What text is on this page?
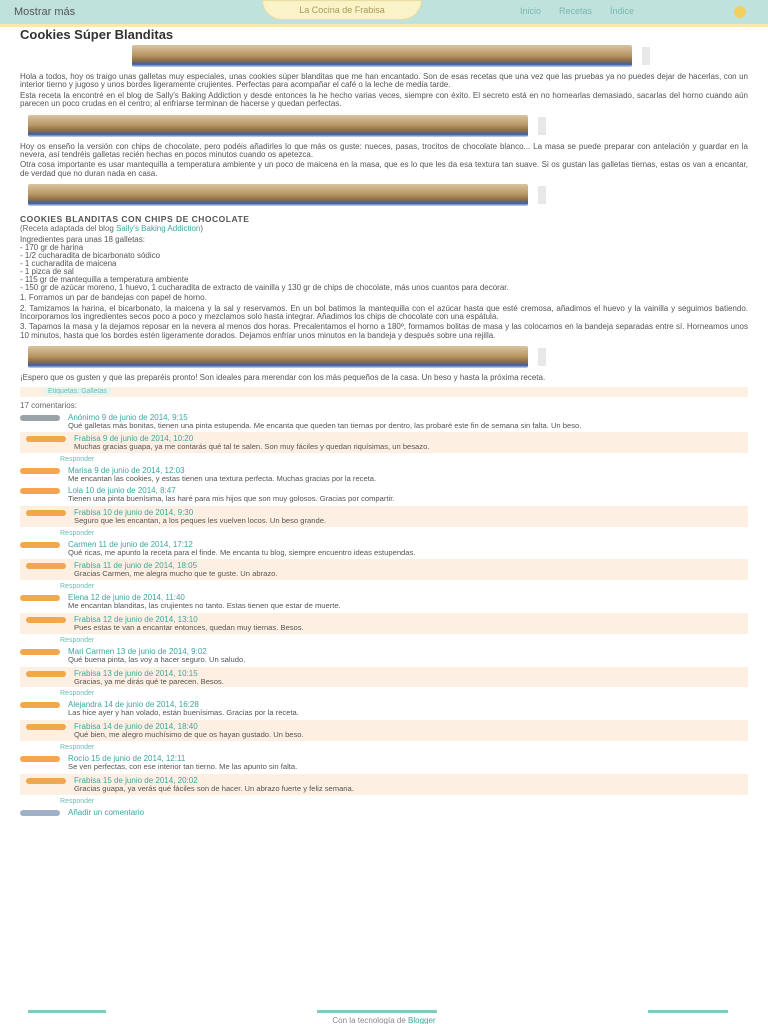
Mostrar más	La Cocina de Frabisa	Inicio Recetas Índice
Cookies Súper Blanditas

Hola a todos, hoy os traigo unas galletas muy especiales, unas cookies súper blanditas que me han encantado. Son de esas recetas que una vez que las pruebas ya no puedes dejar de hacerlas, con un interior tierno y jugoso y unos bordes ligeramente crujientes. Perfectas para acompañar el café o la leche de media tarde.

Esta receta la encontré en el blog de Sally's Baking Addiction y desde entonces la he hecho varias veces, siempre con éxito. El secreto está en no hornearlas demasiado, sacarlas del horno cuando aún parecen un poco crudas en el centro; al enfriarse terminan de hacerse y quedan perfectas.

Hoy os enseño la versión con chips de chocolate, pero podéis añadirles lo que más os guste: nueces, pasas, trocitos de chocolate blanco... La masa se puede preparar con antelación y guardar en la nevera, así tendréis galletas recién hechas en pocos minutos cuando os apetezca.

Otra cosa importante es usar mantequilla a temperatura ambiente y un poco de maicena en la masa, que es lo que les da esa textura tan suave. Si os gustan las galletas tiernas, estas os van a encantar, de verdad que no duran nada en casa.

COOKIES BLANDITAS CON CHIPS DE CHOCOLATE
(Receta adaptada del blog Sally's Baking Addiction)
Ingredientes para unas 18 galletas:
- 170 gr de harina
- 1/2 cucharadita de bicarbonato sódico
- 1 cucharadita de maicena
- 1 pizca de sal
- 115 gr de mantequilla a temperatura ambiente
- 150 gr de azúcar moreno, 1 huevo, 1 cucharadita de extracto de vainilla y 130 gr de chips de chocolate, más unos cuantos para decorar.

1. Forramos un par de bandejas con papel de horno.

2. Tamizamos la harina, el bicarbonato, la maicena y la sal y reservamos. En un bol batimos la mantequilla con el azúcar hasta que esté cremosa, añadimos el huevo y la vainilla y seguimos batiendo. Incorporamos los ingredientes secos poco a poco y mezclamos solo hasta integrar. Añadimos los chips de chocolate con una espátula.

3. Tapamos la masa y la dejamos reposar en la nevera al menos dos horas. Precalentamos el horno a 180º, formamos bolitas de masa y las colocamos en la bandeja separadas entre sí. Horneamos unos 10 minutos, hasta que los bordes estén ligeramente dorados. Dejamos enfriar unos minutos en la bandeja y después sobre una rejilla.

¡Espero que os gusten y que las preparéis pronto! Son ideales para merendar con los más pequeños de la casa. Un beso y hasta la próxima receta.

Etiquetas: Galletas
17 comentarios:
Anónimo 9 de junio de 2014, 9:15
Qué galletas más bonitas, tienen una pinta estupenda. Me encanta que queden tan tiernas por dentro, las probaré este fin de semana sin falta. Un beso.
Frabisa 9 de junio de 2014, 10:20
Muchas gracias guapa, ya me contarás qué tal te salen. Son muy fáciles y quedan riquísimas, un besazo.
Responder
Marisa 9 de junio de 2014, 12:03
Me encantan las cookies, y estas tienen una textura perfecta. Muchas gracias por la receta.
Lola 10 de junio de 2014, 8:47
Tienen una pinta buenísima, las haré para mis hijos que son muy golosos. Gracias por compartir.
Frabisa 10 de junio de 2014, 9:30
Seguro que les encantan, a los peques les vuelven locos. Un beso grande.
Responder
Carmen 11 de junio de 2014, 17:12
Qué ricas, me apunto la receta para el finde. Me encanta tu blog, siempre encuentro ideas estupendas.
Frabisa 11 de junio de 2014, 18:05
Gracias Carmen, me alegra mucho que te guste. Un abrazo.
Responder
Elena 12 de junio de 2014, 11:40
Me encantan blanditas, las crujientes no tanto. Estas tienen que estar de muerte.
Frabisa 12 de junio de 2014, 13:10
Pues estas te van a encantar entonces, quedan muy tiernas. Besos.
Responder
Mari Carmen 13 de junio de 2014, 9:02
Qué buena pinta, las voy a hacer seguro. Un saludo.
Frabisa 13 de junio de 2014, 10:15
Gracias, ya me dirás qué te parecen. Besos.
Responder
Alejandra 14 de junio de 2014, 16:28
Las hice ayer y han volado, están buenísimas. Gracias por la receta.
Frabisa 14 de junio de 2014, 18:40
Qué bien, me alegro muchísimo de que os hayan gustado. Un beso.
Responder
Rocío 15 de junio de 2014, 12:11
Se ven perfectas, con ese interior tan tierno. Me las apunto sin falta.
Frabisa 15 de junio de 2014, 20:02
Gracias guapa, ya verás qué fáciles son de hacer. Un abrazo fuerte y feliz semana.
Responder
Añadir un comentario
Con la tecnología de Blogger
